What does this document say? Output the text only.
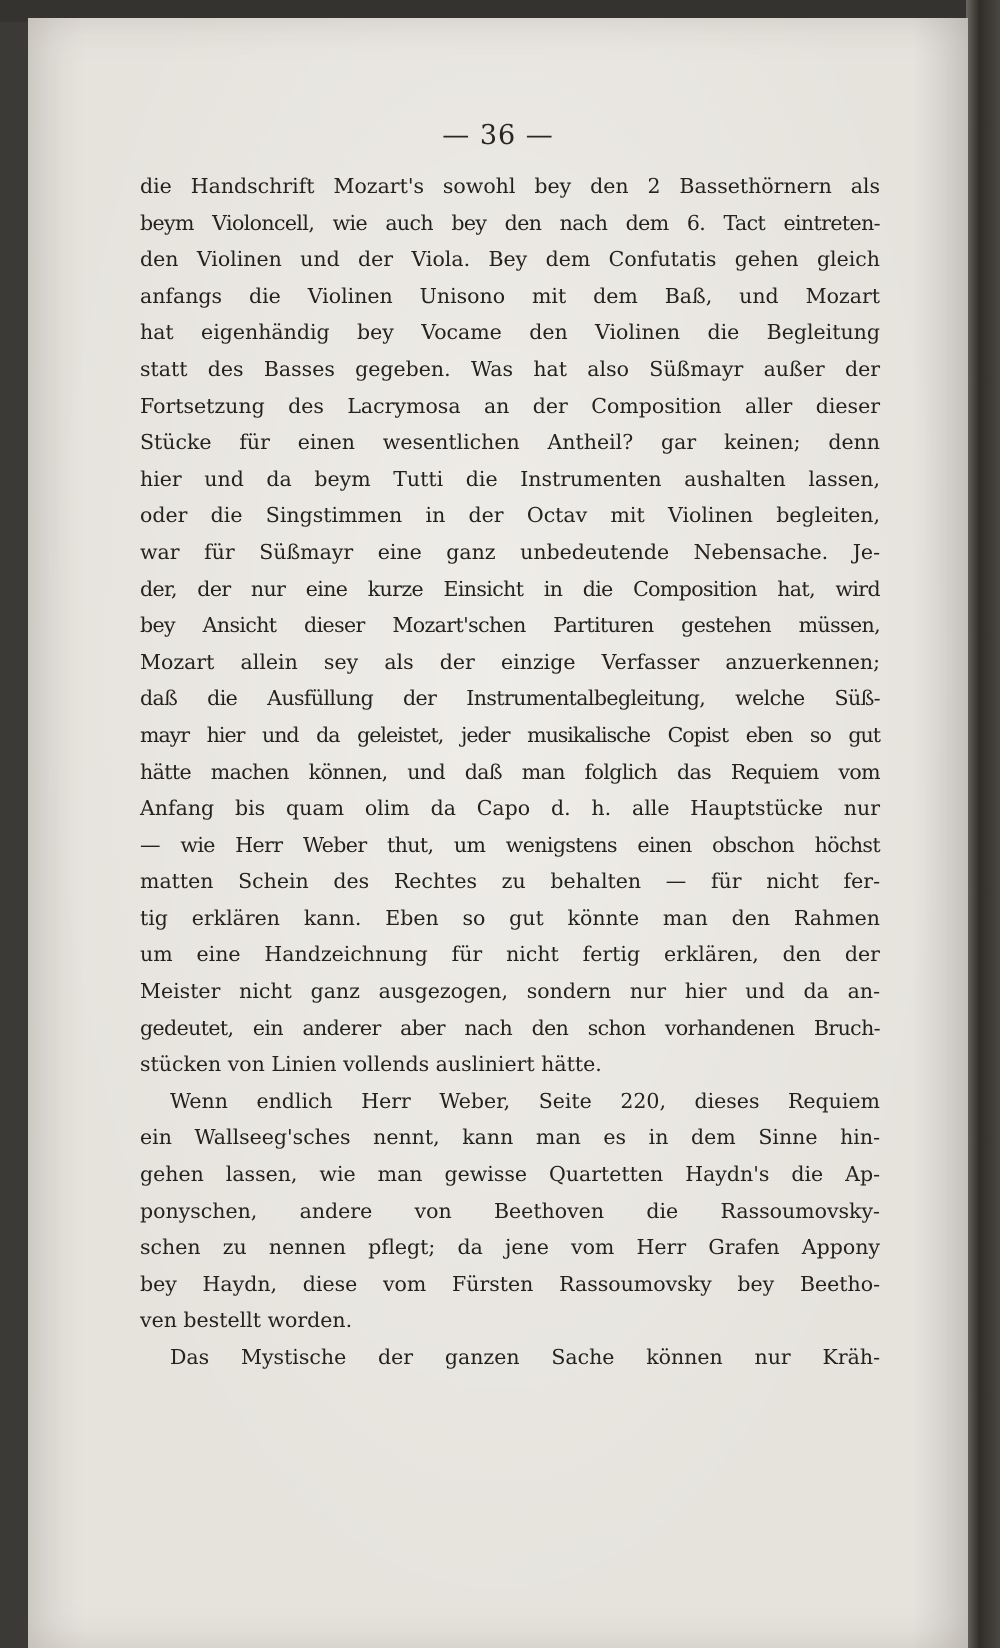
— 36 —
die Handschrift Mozart's sowohl bey den 2 Bassethörnern als
beym Violoncell, wie auch bey den nach dem 6. Tact eintreten-
den Violinen und der Viola. Bey dem Confutatis gehen gleich
anfangs die Violinen Unisono mit dem Baß, und Mozart
hat eigenhändig bey Vocame den Violinen die Begleitung
statt des Basses gegeben. Was hat also Süßmayr außer der
Fortsetzung des Lacrymosa an der Composition aller dieser
Stücke für einen wesentlichen Antheil? gar keinen; denn
hier und da beym Tutti die Instrumenten aushalten lassen,
oder die Singstimmen in der Octav mit Violinen begleiten,
war für Süßmayr eine ganz unbedeutende Nebensache. Je-
der, der nur eine kurze Einsicht in die Composition hat, wird
bey Ansicht dieser Mozart'schen Partituren gestehen müssen,
Mozart allein sey als der einzige Verfasser anzuerkennen;
daß die Ausfüllung der Instrumentalbegleitung, welche Süß-
mayr hier und da geleistet, jeder musikalische Copist eben so gut
hätte machen können, und daß man folglich das Requiem vom
Anfang bis quam olim da Capo d. h. alle Hauptstücke nur
— wie Herr Weber thut, um wenigstens einen obschon höchst
matten Schein des Rechtes zu behalten — für nicht fer-
tig erklären kann. Eben so gut könnte man den Rahmen
um eine Handzeichnung für nicht fertig erklären, den der
Meister nicht ganz ausgezogen, sondern nur hier und da an-
gedeutet, ein anderer aber nach den schon vorhandenen Bruch-
stücken von Linien vollends ausliniert hätte.
Wenn endlich Herr Weber, Seite 220, dieses Requiem
ein Wallseeg'sches nennt, kann man es in dem Sinne hin-
gehen lassen, wie man gewisse Quartetten Haydn's die Ap-
ponyschen, andere von Beethoven die Rassoumovsky-
schen zu nennen pflegt; da jene vom Herr Grafen Appony
bey Haydn, diese vom Fürsten Rassoumovsky bey Beetho-
ven bestellt worden.
Das Mystische der ganzen Sache können nur Kräh-
